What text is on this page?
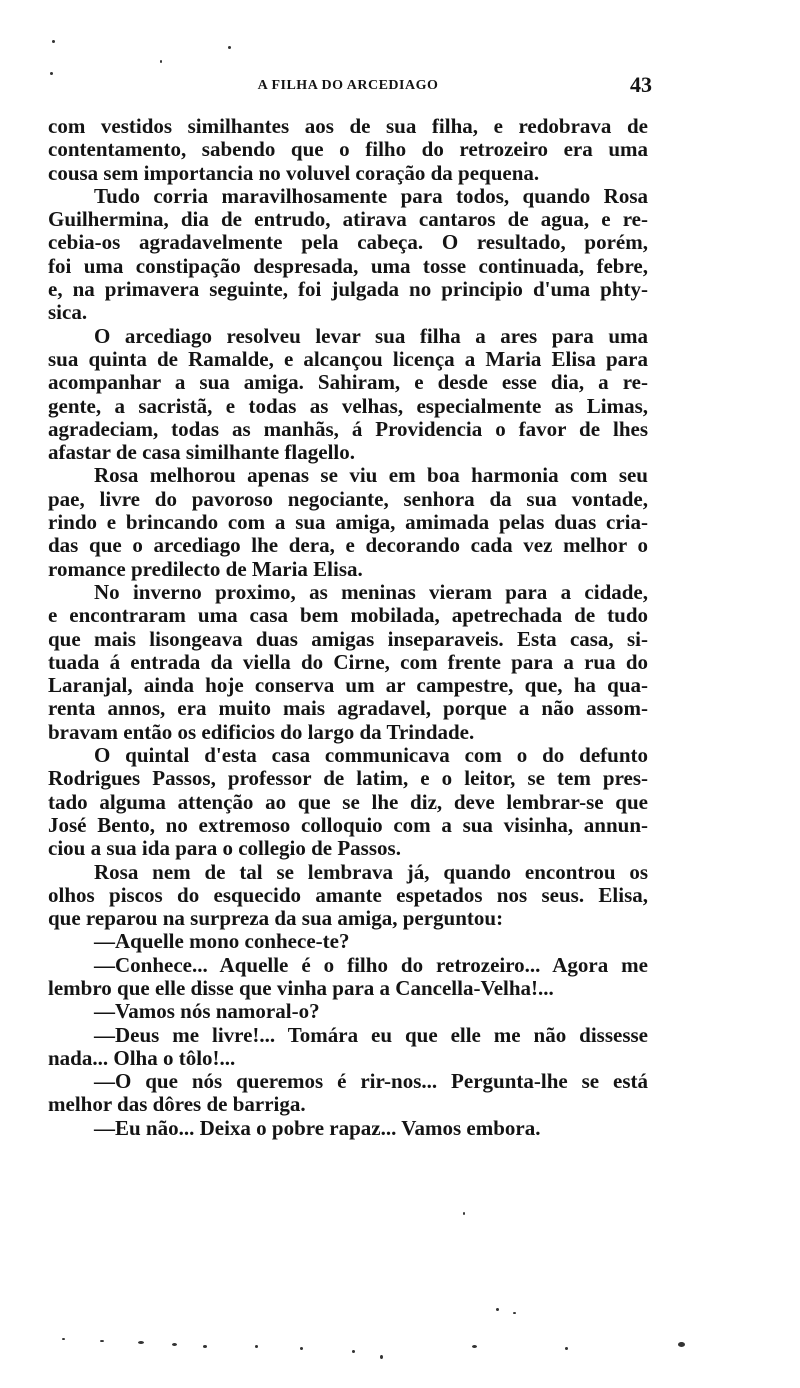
A FILHA DO ARCEDIAGO	43
com vestidos similhantes aos de sua filha, e redobrava de
contentamento, sabendo que o filho do retrozeiro era uma
cousa sem importancia no voluvel coração da pequena.
Tudo corria maravilhosamente para todos, quando Rosa
Guilhermina, dia de entrudo, atirava cantaros de agua, e re-
cebia-os agradavelmente pela cabeça. O resultado, porém,
foi uma constipação despresada, uma tosse continuada, febre,
e, na primavera seguinte, foi julgada no principio d'uma phty-
sica.
O arcediago resolveu levar sua filha a ares para uma
sua quinta de Ramalde, e alcançou licença a Maria Elisa para
acompanhar a sua amiga. Sahiram, e desde esse dia, a re-
gente, a sacristã, e todas as velhas, especialmente as Limas,
agradeciam, todas as manhãs, á Providencia o favor de lhes
afastar de casa similhante flagello.
Rosa melhorou apenas se viu em boa harmonia com seu
pae, livre do pavoroso negociante, senhora da sua vontade,
rindo e brincando com a sua amiga, amimada pelas duas cria-
das que o arcediago lhe dera, e decorando cada vez melhor o
romance predilecto de Maria Elisa.
No inverno proximo, as meninas vieram para a cidade,
e encontraram uma casa bem mobilada, apetrechada de tudo
que mais lisongeava duas amigas inseparaveis. Esta casa, si-
tuada á entrada da viella do Cirne, com frente para a rua do
Laranjal, ainda hoje conserva um ar campestre, que, ha qua-
renta annos, era muito mais agradavel, porque a não assom-
bravam então os edificios do largo da Trindade.
O quintal d'esta casa communicava com o do defunto
Rodrigues Passos, professor de latim, e o leitor, se tem pres-
tado alguma attenção ao que se lhe diz, deve lembrar-se que
José Bento, no extremoso colloquio com a sua visinha, annun-
ciou a sua ida para o collegio de Passos.
Rosa nem de tal se lembrava já, quando encontrou os
olhos piscos do esquecido amante espetados nos seus. Elisa,
que reparou na surpreza da sua amiga, perguntou:
—Aquelle mono conhece-te?
—Conhece... Aquelle é o filho do retrozeiro... Agora me
lembro que elle disse que vinha para a Cancella-Velha!...
—Vamos nós namoral-o?
—Deus me livre!... Tomára eu que elle me não dissesse
nada... Olha o tôlo!...
—O que nós queremos é rir-nos... Pergunta-lhe se está
melhor das dôres de barriga.
—Eu não... Deixa o pobre rapaz... Vamos embora.
